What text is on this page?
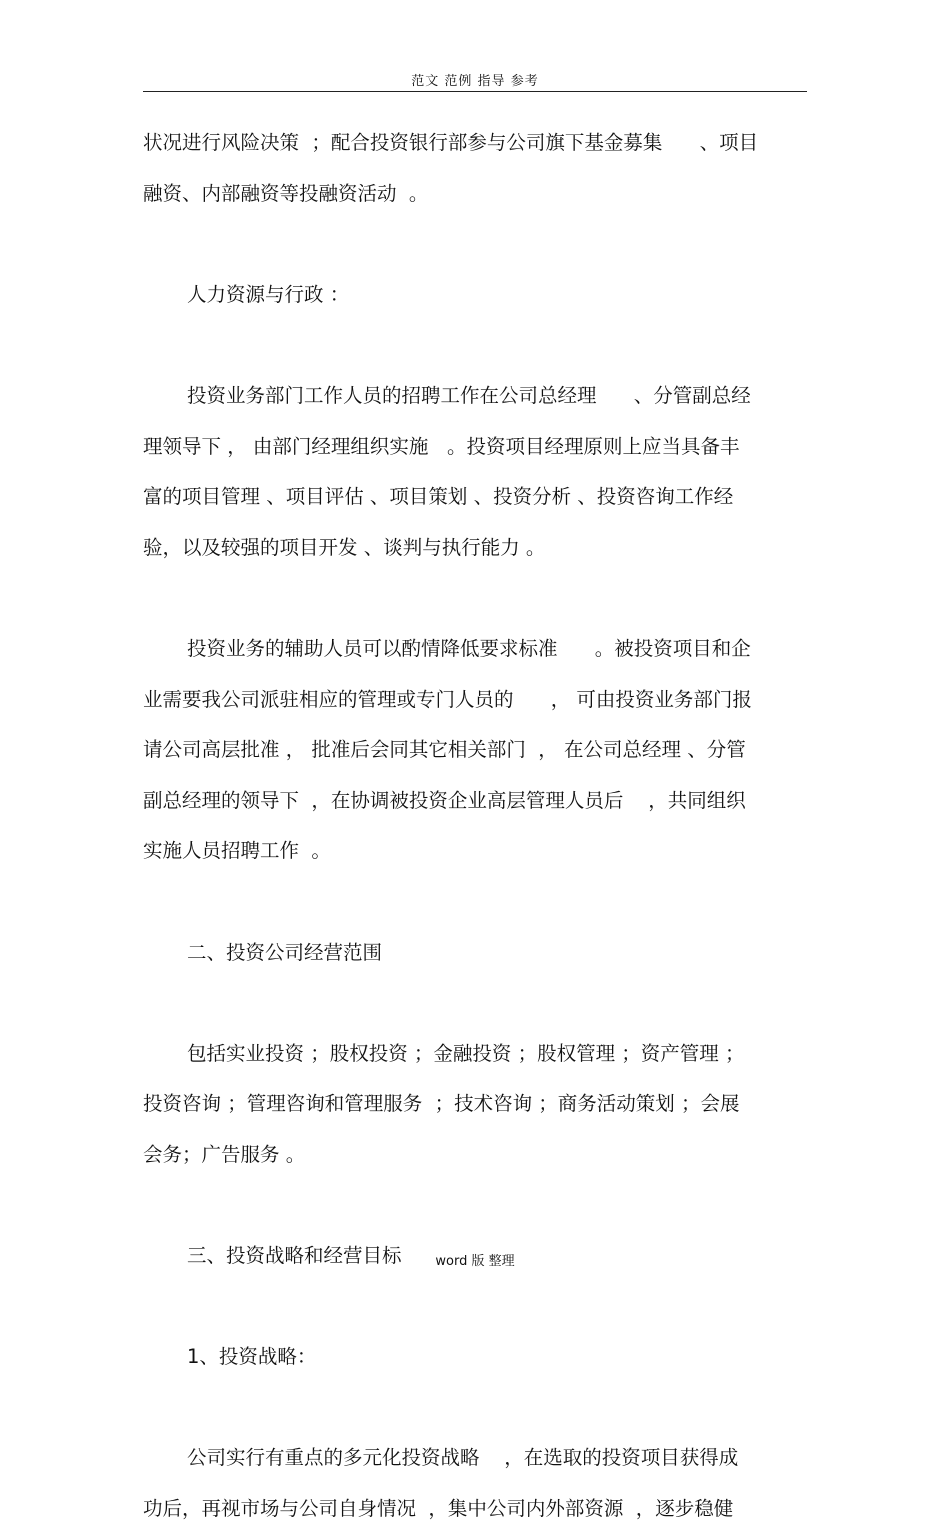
范文 范例 指导 参考
状况进行风险决策  ；配合投资银行部参与公司旗下基金募集      、项目
融资、内部融资等投融资活动  。
人力资源与行政 ：
投资业务部门工作人员的招聘工作在公司总经理      、分管副总经
理领导下 ， 由部门经理组织实施   。投资项目经理原则上应当具备丰
富的项目管理 、项目评估 、项目策划 、投资分析 、投资咨询工作经
验，以及较强的项目开发 、谈判与执行能力 。
投资业务的辅助人员可以酌情降低要求标准      。被投资项目和企
业需要我公司派驻相应的管理或专门人员的      ， 可由投资业务部门报
请公司高层批准 ， 批准后会同其它相关部门  ， 在公司总经理 、分管
副总经理的领导下  ，在协调被投资企业高层管理人员后    ，共同组织
实施人员招聘工作  。
二、投资公司经营范围
包括实业投资 ；股权投资 ；金融投资 ；股权管理 ；资产管理 ；
投资咨询 ；管理咨询和管理服务  ；技术咨询 ；商务活动策划 ；会展
会务；广告服务 。
三、投资战略和经营目标
1、投资战略：
公司实行有重点的多元化投资战略    ，在选取的投资项目获得成
功后，再视市场与公司自身情况  ，集中公司内外部资源  ，逐步稳健
word 版 整理
